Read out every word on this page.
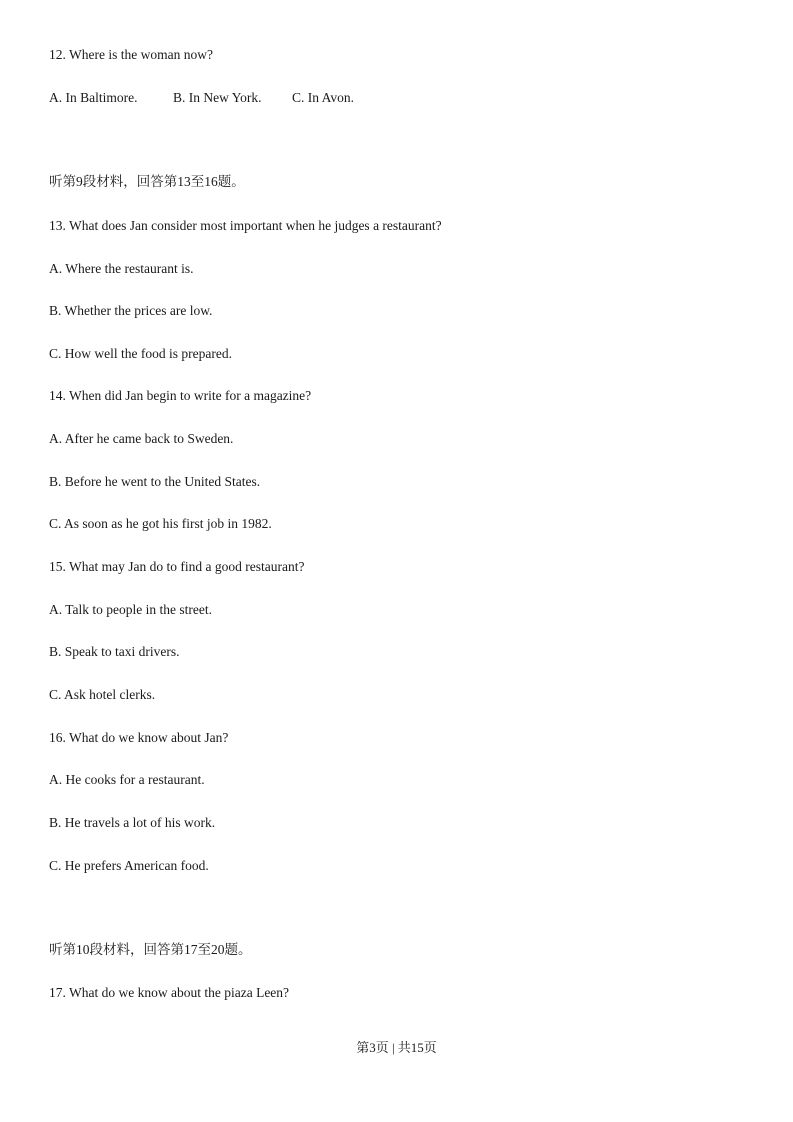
12. Where is the woman now?
A. In Baltimore.	B. In New York. C. In Avon.
听第9段材料，回答第13至16题。
13. What does Jan consider most important when he judges a restaurant?
A. Where the restaurant is.
B. Whether the prices are low.
C. How well the food is prepared.
14. When did Jan begin to write for a magazine?
A. After he came back to Sweden.
B. Before he went to the United States.
C. As soon as he got his first job in 1982.
15. What may Jan do to find a good restaurant?
A. Talk to people in the street.
B. Speak to taxi drivers.
C. Ask hotel clerks.
16. What do we know about Jan?
A. He cooks for a restaurant.
B. He travels a lot of his work.
C. He prefers American food.
听第10段材料，回答第17至20题。
17. What do we know about the piaza Leen?
第3页 | 共15页
